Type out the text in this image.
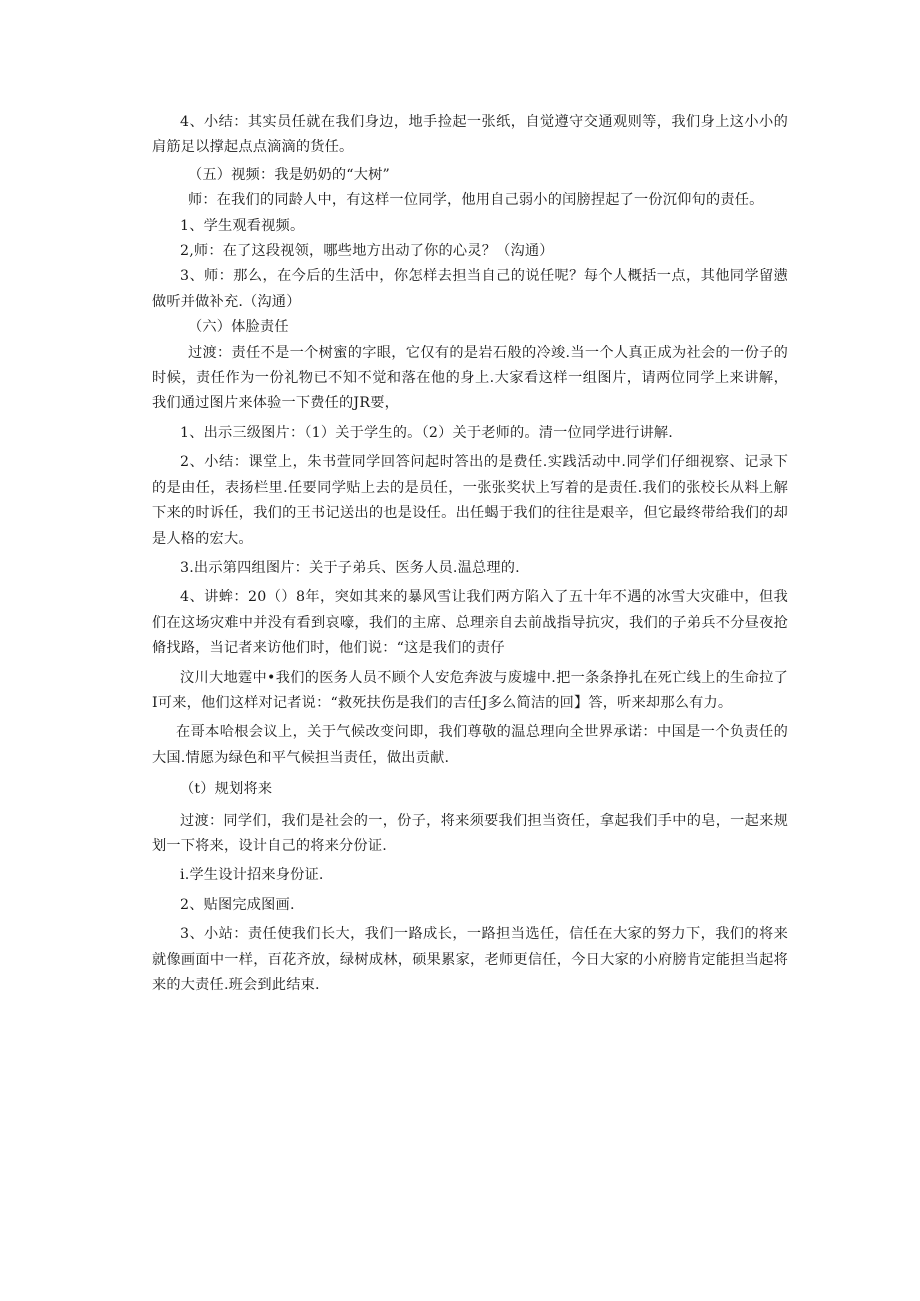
4、小结：其实员任就在我们身边，地手捡起一张纸，自觉遵守交通观则等，我们身上这小小的肩筋足以撑起点点滴滴的货任。

（五）视频：我是奶奶的“大树”

师：在我们的同龄人中，有这样一位同学，他用自己弱小的闰膀捏起了一份沉仰旬的责任。

1、学生观看视频。

2,师：在了这段视领，哪些地方出动了你的心灵？（沟通）

3、师：那么，在今后的生活中，你怎样去担当自己的说任呢？每个人概括一点，其他同学留懑做听并做补充.（沟通）

（六）体脸责任

过渡：责任不是一个树蜜的字眼，它仅有的是岩石般的冷竣.当一个人真正成为社会的一份子的时候，责任作为一份礼物已不知不觉和落在他的身上.大家看这样一组图片，请两位同学上来讲解，我们通过图片来体验一下费任的JR要，

1、出示三级图片：（1）关于学生的。（2）关于老师的。清一位同学进行讲解.

2、小结：课堂上，朱书萱同学回答问起时答出的是费任.实践活动中.同学们仔细视察、记录下的是由任，表扬栏里.任要同学贴上去的是员任，一张张奖状上写着的是责任.我们的张校长从料上解下来的时诉任，我们的王书记送出的也是设任。出任蝎于我们的往往是艰辛，但它最终带给我们的却是人格的宏大。

3.出示第四组图片：关于子弟兵、医务人员.温总理的.

4、讲蛑：20（）8年，突如其来的暴风雪让我们两方陷入了五十年不遇的冰雪大灾碓中，但我们在这场灾难中并没有看到哀嚎，我们的主席、总理亲自去前战指导抗灾，我们的子弟兵不分昼夜抢脩找路，当记者来访他们时，他们说：“这是我们的责仔

汶川大地霆中•我们的医务人员不顾个人安危奔波与废墟中.把一条条挣扎在死亡线上的生命拉了I可来，他们这样对记者说：“救死扶伤是我们的吉任J多么简洁的回】答，听来却那么有力。

在哥本哈根会议上，关于气候改变问即，我们尊敬的温总理向全世界承诺：中国是一个负责任的大国.情愿为绿色和平气候担当责任，做出贡献.

（t）规划将来

过渡：同学们，我们是社会的一，份子，将来须要我们担当资任，拿起我们手中的皂，一起来规划一下将来，设计自己的将来分份证.

i.学生设计招来身份证.

2、贴图完成图画.

3、小站：责任使我们长大，我们一路成长，一路担当选任，信任在大家的努力下，我们的将来就像画面中一样，百花齐放，绿树成林，硕果累家，老师更信任，今日大家的小府膀肯定能担当起将来的大责任.班会到此结束.
